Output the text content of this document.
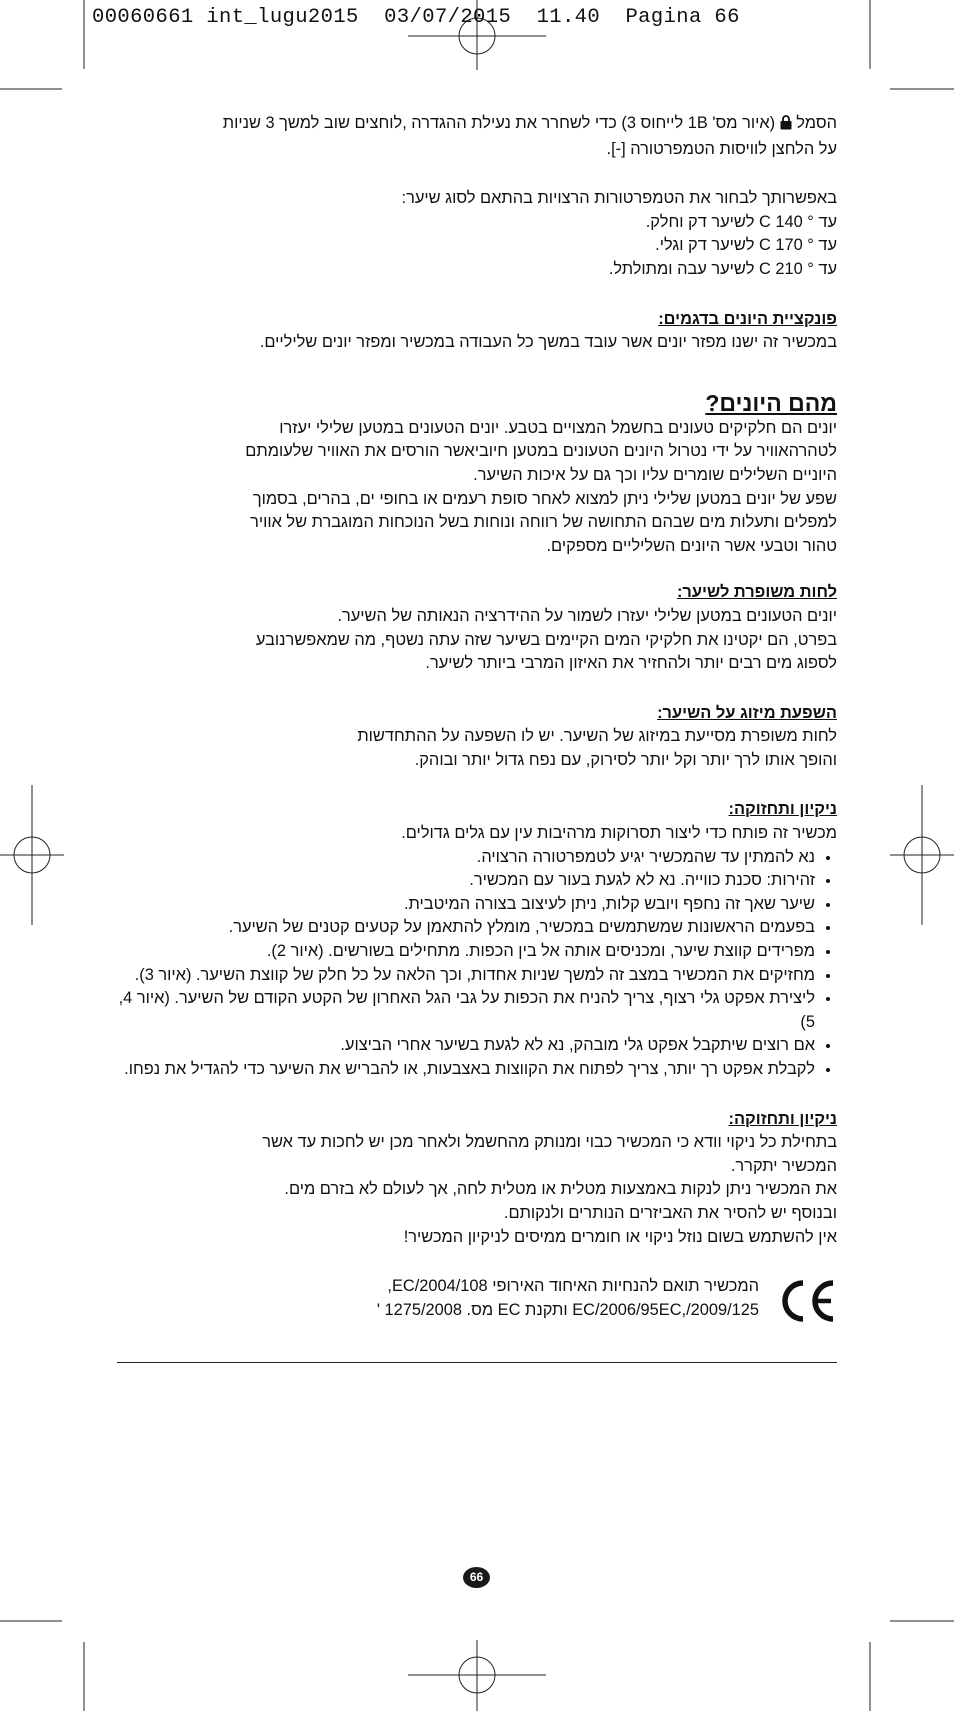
00060661 int_lugu2015  03/07/2015  11.40  Pagina 66

הסמל  (איור מס' 1B לייחוס 3) כדי לשחרר את נעילת ההגדרה ,לוחצים שוב למשך 3 שניות

על הלחצן לוויסות הטמפרטורה [-].

באפשרותך לבחור את הטמפרטורות הרצויות בהתאם לסוג שיער:

עד ° C 140 לשיער דק וחלק.

עד ° C 170 לשיער דק וגלי.

עד ° C 210 לשיער עבה ומתולתל.

פונקציית היונים בדגמים:

במכשיר זה ישנו מפזר יונים אשר עובד במשך כל העבודה במכשיר ומפזר יונים שליליים.

מהם היונים?

יונים הם חלקיקים טעונים בחשמל המצויים בטבע. יונים הטעונים במטען שלילי יעזרו

לטהרהאוויר על ידי נטרול היונים הטעונים במטען חיוביאשר הורסים את האוויר שלעומתם

היוניים השלילים שומרים עליו וכך גם על איכות השיער.

שפע של יונים במטען שלילי ניתן למצוא לאחר סופת רעמים או בחופי ים, בהרים, בסמוך

למפלים ותעלות מים שבהם התחושה של רווחה ונוחות בשל הנוכחות המוגברת של אוויר

טהור וטבעי אשר היונים השליליים מספקים.

לחות משופרת לשיער:

יונים הטעונים במטען שלילי יעזרו לשמור על ההידרציה הנאותה של השיער.

בפרט, הם יקטינו את חלקיקי המים הקיימים בשיער שזה עתה נשטף, מה שמאפשרנובע

לספוג מים רבים יותר ולהחזיר את האיזון המרבי ביותר לשיער.

השפעת מיזוג על השיער:

לחות משופרת מסייעת במיזוג של השיער. יש לו השפעה על ההתחדשות

והופך אותו לרך יותר וקל יותר לסירוק, עם נפח גדול יותר ובוהק.

ניקיון ותחזוקה:

מכשיר זה פותח כדי ליצור תסרוקות מרהיבות עין עם גלים גדולים.

• נא להמתין עד שהמכשיר יגיע לטמפרטורה הרצויה.
• זהירות: סכנת כווייה. נא לא לגעת בעור עם המכשיר.
• שיער שאך זה נחפף ויובש קלות, ניתן לעיצוב בצורה המיטבית.
• בפעמים הראשונות שמשתמשים במכשיר, מומלץ להתאמן על קטעים קטנים של השיער.
• מפרידים קווצת שיער, ומכניסים אותה אל בין הכפות. מתחילים בשורשים. (איור 2).
• מחזיקים את המכשיר במצב זה למשך שניות אחדות, וכך הלאה על כל חלק של קווצת השיער. (איור 3).
• ליצירת אפקט גלי רצוף, צריך להניח את הכפות על גבי הגל האחרון של הקטע הקודם של השיער. (איור 4, 5)
• אם רוצים שיתקבל אפקט גלי מובהק, נא לא לגעת בשיער אחרי הביצוע.
• לקבלת אפקט רך יותר, צריך לפתוח את הקווצות באצבעות, או להבריש את השיער כדי להגדיל את נפחו.

ניקיון ותחזוקה:

בתחילת כל ניקוי וודא כי המכשיר כבוי ומנותק מהחשמל ולאחר מכן יש לחכות עד אשר

המכשיר יתקרר.

את המכשיר ניתן לנקות באמצעות מטלית או מטלית לחה, אך לעולם לא בזרם מים.

ובנוסף יש להסיר את האביזרים הנותרים ולנקותם.

אין להשתמש בשום נוזל ניקוי או חומרים ממיסים לניקיון המכשיר!

המכשיר תואם להנחיות האיחוד האירופי EC/2004/108,

EC/2006/95EC,/2009/125 ותקנת EC מס. 1275/2008 '

66
